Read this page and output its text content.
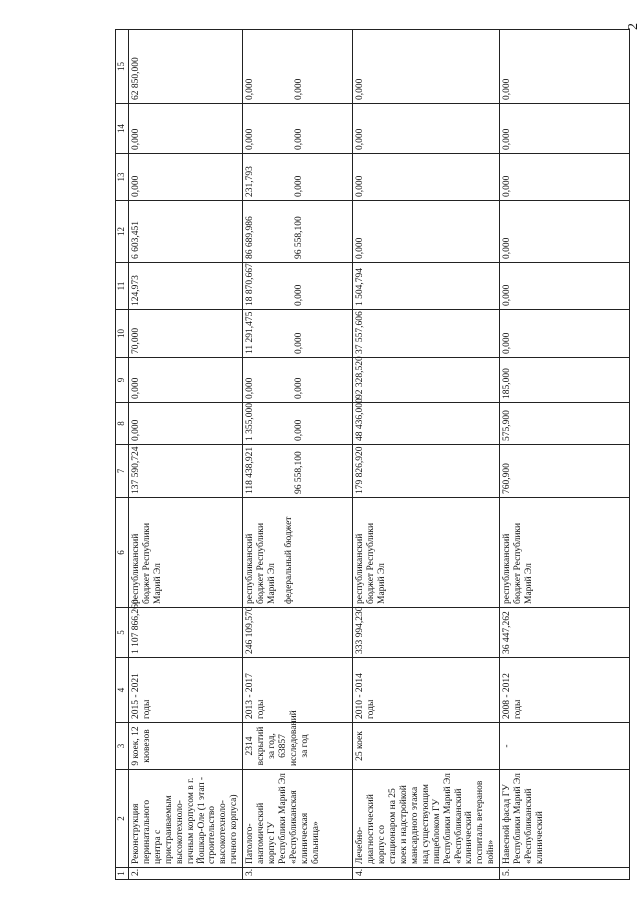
2
1	2	3	4	5	6	7	8	9	10	11	12	13	14	15
2.	Реконструкция перинатального центра с пристраиваемым высокотехноло-гичным корпусом в г. Йошкар-Оле (1 этап - строительство высокотехноло-гичного корпуса)	9 коек, 12 кювезов	2015 - 2021 годы	1 107 866,260	республиканский бюджет Республики Марий Эл	137 590,724	0,000	0,000	70,000	124,973	6 603,451	0,000	0,000	62 850,000

3.	Патолого-анатомический корпус ГУ Республики Марий Эл «Республиканская клиническая больница»	2314 вскрытий за год, 63857 исследований за год	2013 - 2017 годы	246 109,570	республиканский бюджет Республики Марий Эл федеральный бюджет	118 438,921 96 558,100	1 355,000 0,000	0,000 0,000	11 291,475 0,000	18 870,667 0,000	86 689,986 96 558,100	231,793 0,000	0,000 0,000	0,000 0,000

4.	Лечебно-диагностический корпус со стационаром на 25 коек и надстройкой мансардного этажа над существующим пищеблоком ГУ Республики Марий Эл «Республиканский клинический госпиталь ветеранов войн»	25 коек	2010 - 2014 годы	333 994,230	республиканский бюджет Республики Марий Эл	179 826,920	48 436,000	92 328,520	37 557,606	1 504,794	0,000	0,000	0,000	0,000

5.	Навесной фасад ГУ Республики Марий Эл «Республиканский клинический	-	2008 - 2012 годы	36 447,262	республиканский бюджет Республики Марий Эл	760,900	575,900	185,000	0,000	0,000	0,000	0,000	0,000	0,000
